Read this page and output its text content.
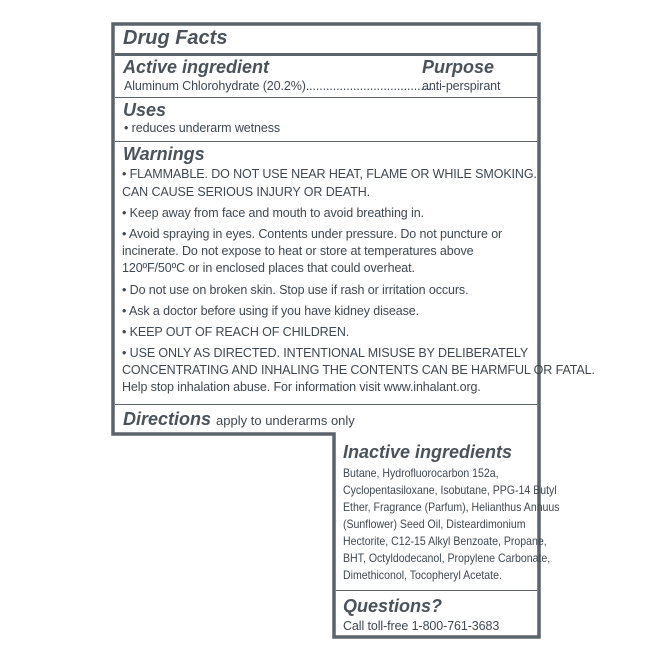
Drug Facts
Active ingredient	Purpose
Aluminum Chlorohydrate (20.2%)......................................
anti-perspirant
Uses
• reduces underarm wetness
Warnings
• FLAMMABLE. DO NOT USE NEAR HEAT, FLAME OR WHILE SMOKING.
CAN CAUSE SERIOUS INJURY OR DEATH.
• Keep away from face and mouth to avoid breathing in.
• Avoid spraying in eyes. Contents under pressure. Do not puncture or
incinerate. Do not expose to heat or store at temperatures above
120ºF/50ºC or in enclosed places that could overheat.
• Do not use on broken skin. Stop use if rash or irritation occurs.
• Ask a doctor before using if you have kidney disease.
• KEEP OUT OF REACH OF CHILDREN.
• USE ONLY AS DIRECTED. INTENTIONAL MISUSE BY DELIBERATELY
CONCENTRATING AND INHALING THE CONTENTS CAN BE HARMFUL OR FATAL.
Help stop inhalation abuse. For information visit www.inhalant.org.
Directions apply to underarms only
Inactive ingredients
Butane, Hydrofluorocarbon 152a,
Cyclopentasiloxane, Isobutane, PPG-14 Butyl
Ether, Fragrance (Parfum), Helianthus Annuus
(Sunflower) Seed Oil, Disteardimonium
Hectorite, C12-15 Alkyl Benzoate, Propane,
BHT, Octyldodecanol, Propylene Carbonate,
Dimethiconol, Tocopheryl Acetate.
Questions?
Call toll-free 1-800-761-3683
